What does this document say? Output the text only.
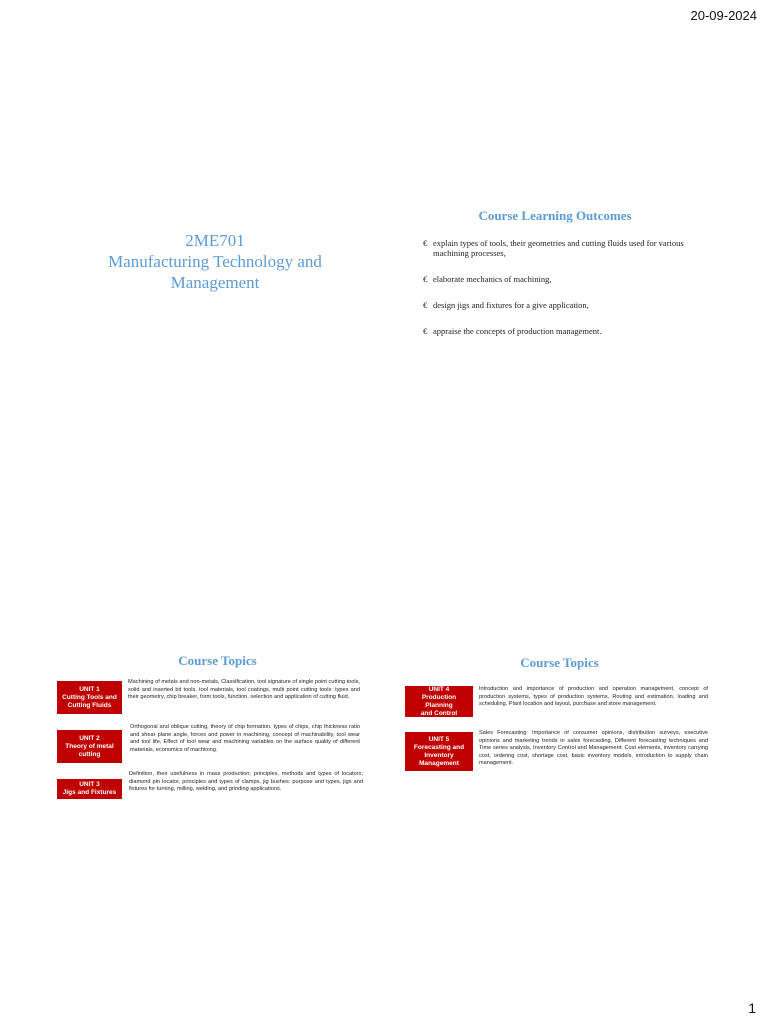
20-09-2024
2ME701
Manufacturing Technology and
Management
Course Learning Outcomes
€ explain types of tools, their geometries and cutting fluids used for various machining processes,
€ elaborate mechanics of machining,
€ design jigs and fixtures for a give application,
€ appraise the concepts of production management.
Course Topics
UNIT 1
Cutting Tools and
Cutting Fluids
Machining of metals and non-metals, Classification, tool signature of single point cutting tools, solid and inserted bit tools, tool materials, tool coatings, multi point cutting tools: types and their geometry, chip breaker, form tools, function, selection and application of cutting fluid.
UNIT 2
Theory of metal
cutting
Orthogonal and oblique cutting, theory of chip formation, types of chips, chip thickness ratio and shear plane angle, forces and power in machining, concept of machinability, tool wear and tool life, Effect of tool wear and machining variables on the surface quality of different materials, economics of machining.
UNIT 3
Jigs and Fixtures
Definition, their usefulness in mass production; principles, methods and types of locators; diamond pin locator, principles and types of clamps, jig bushes: purpose and types, jigs and fixtures for turning, milling, welding, and grinding applications.
Course Topics
UNIT 4
Production Planning
and Control
Introduction and importance of production and operation management, concept of production systems, types of production systems, Routing and estimation, loading and scheduling. Plant location and layout, purchase and store management.
UNIT 5
Forecasting and
Inventory
Management
Sales Forecasting: Importance of consumer opinions, distribution surveys, executive opinions and marketing trends in sales forecasting, Different forecasting techniques and Time series analysis, Inventory Control and Management: Cost elements, inventory carrying cost, ordering cost, shortage cost, basic inventory models, introduction to supply chain management.
1
